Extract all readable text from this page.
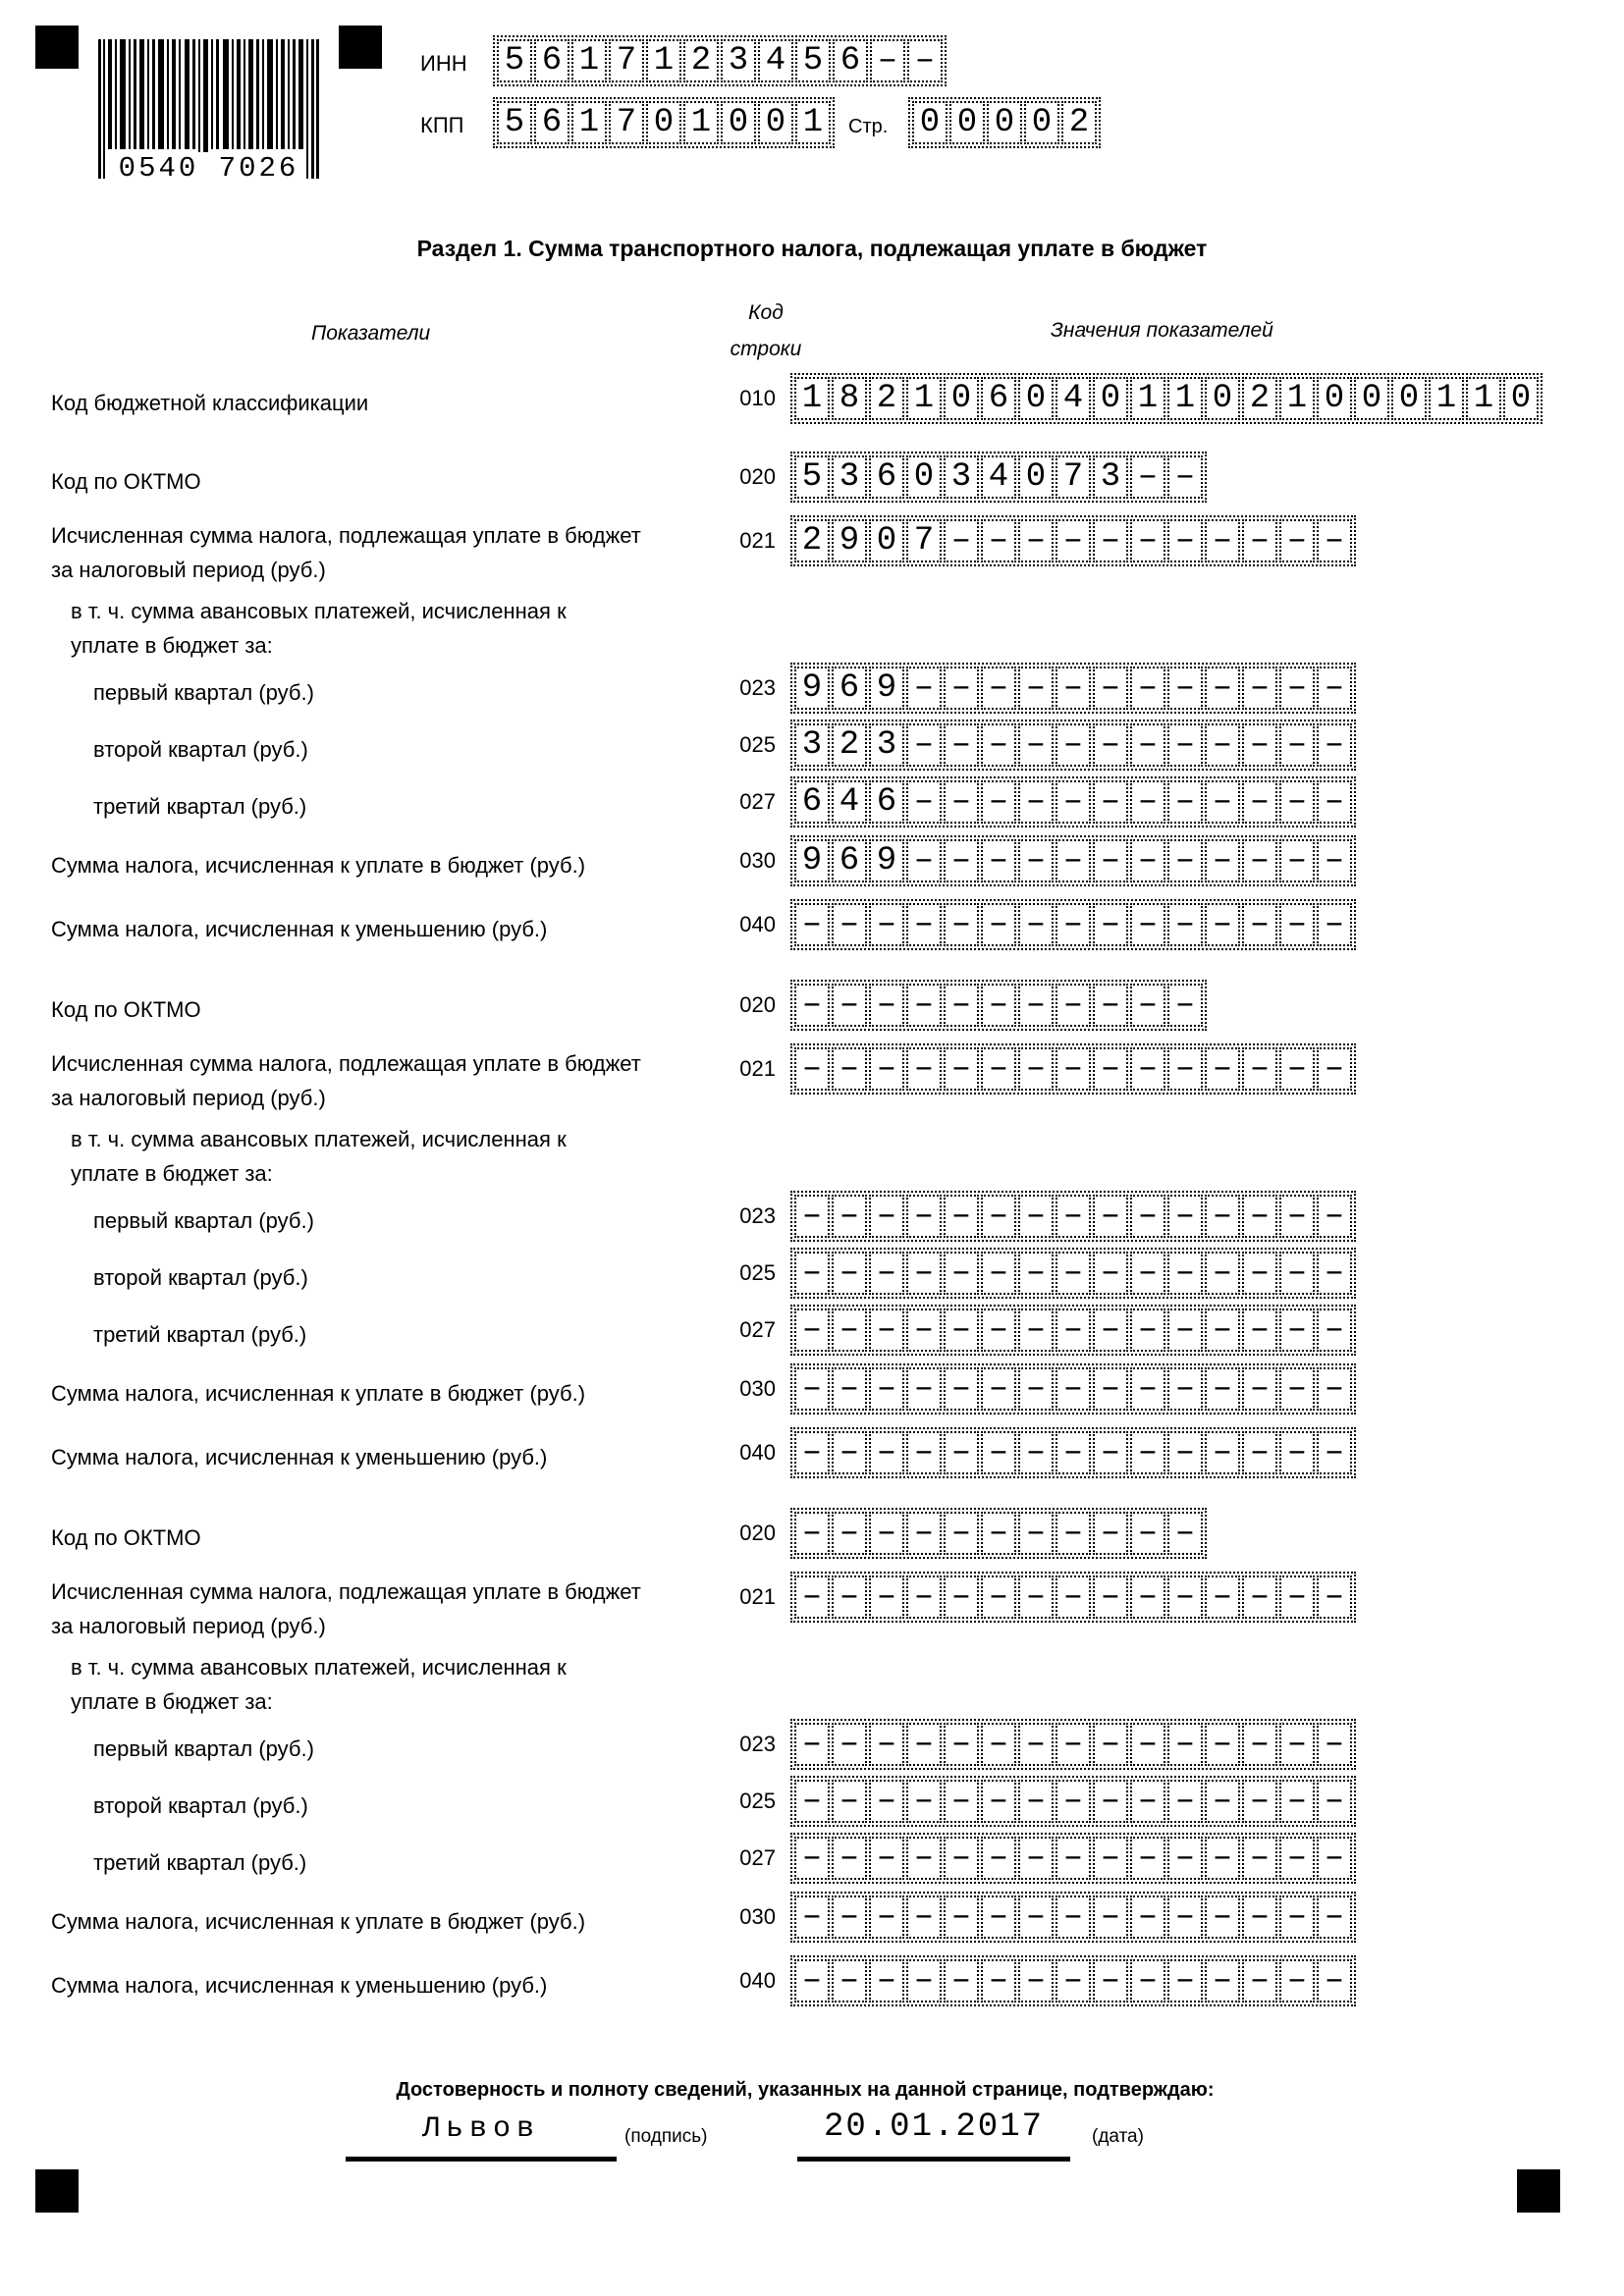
0540 7026
ИНН 5 6 1 7 1 2 3 4 5 6 – –
КПП 5 6 1 7 0 1 0 0 1	Стр. 0 0 0 0 2
Раздел 1. Сумма транспортного налога, подлежащая уплате в бюджет
Показатели
Код
строки
Значения показателей
Код бюджетной классификации	010 1 8 2 1 0 6 0 4 0 1 1 0 2 1 0 0 0 1 1 0
Код по ОКТМО	020 5 3 6 0 3 4 0 7 3 – –
Исчисленная сумма налога, подлежащая уплате в бюджет
за налоговый период (руб.)
021 2 9 0 7 – – – – – – – – – – –
в т. ч. сумма авансовых платежей, исчисленная к
уплате в бюджет за:
первый квартал (руб.)	023 9 6 9 – – – – – – – – – – – –
второй квартал (руб.)	025 3 2 3 – – – – – – – – – – – –
третий квартал (руб.)	027 6 4 6 – – – – – – – – – – – –
Сумма налога, исчисленная к уплате в бюджет (руб.)	030 9 6 9 – – – – – – – – – – – –
Сумма налога, исчисленная к уменьшению (руб.)	040 – – – – – – – – – – – – – – –
Код по ОКТМО	020 – – – – – – – – – – –
Исчисленная сумма налога, подлежащая уплате в бюджет
за налоговый период (руб.)
021 – – – – – – – – – – – – – – –
в т. ч. сумма авансовых платежей, исчисленная к
уплате в бюджет за:
первый квартал (руб.)	023 – – – – – – – – – – – – – – –
второй квартал (руб.)	025 – – – – – – – – – – – – – – –
третий квартал (руб.)	027 – – – – – – – – – – – – – – –
Сумма налога, исчисленная к уплате в бюджет (руб.)	030 – – – – – – – – – – – – – – –
Сумма налога, исчисленная к уменьшению (руб.)	040 – – – – – – – – – – – – – – –
Код по ОКТМО	020 – – – – – – – – – – –
Исчисленная сумма налога, подлежащая уплате в бюджет
за налоговый период (руб.)
021 – – – – – – – – – – – – – – –
в т. ч. сумма авансовых платежей, исчисленная к
уплате в бюджет за:
первый квартал (руб.)	023 – – – – – – – – – – – – – – –
второй квартал (руб.)	025 – – – – – – – – – – – – – – –
третий квартал (руб.)	027 – – – – – – – – – – – – – – –
Сумма налога, исчисленная к уплате в бюджет (руб.)	030 – – – – – – – – – – – – – – –
Сумма налога, исчисленная к уменьшению (руб.)	040 – – – – – – – – – – – – – – –
Достоверность и полноту сведений, указанных на данной странице, подтверждаю:
Львов	(подпись)	20.01.2017	(дата)
